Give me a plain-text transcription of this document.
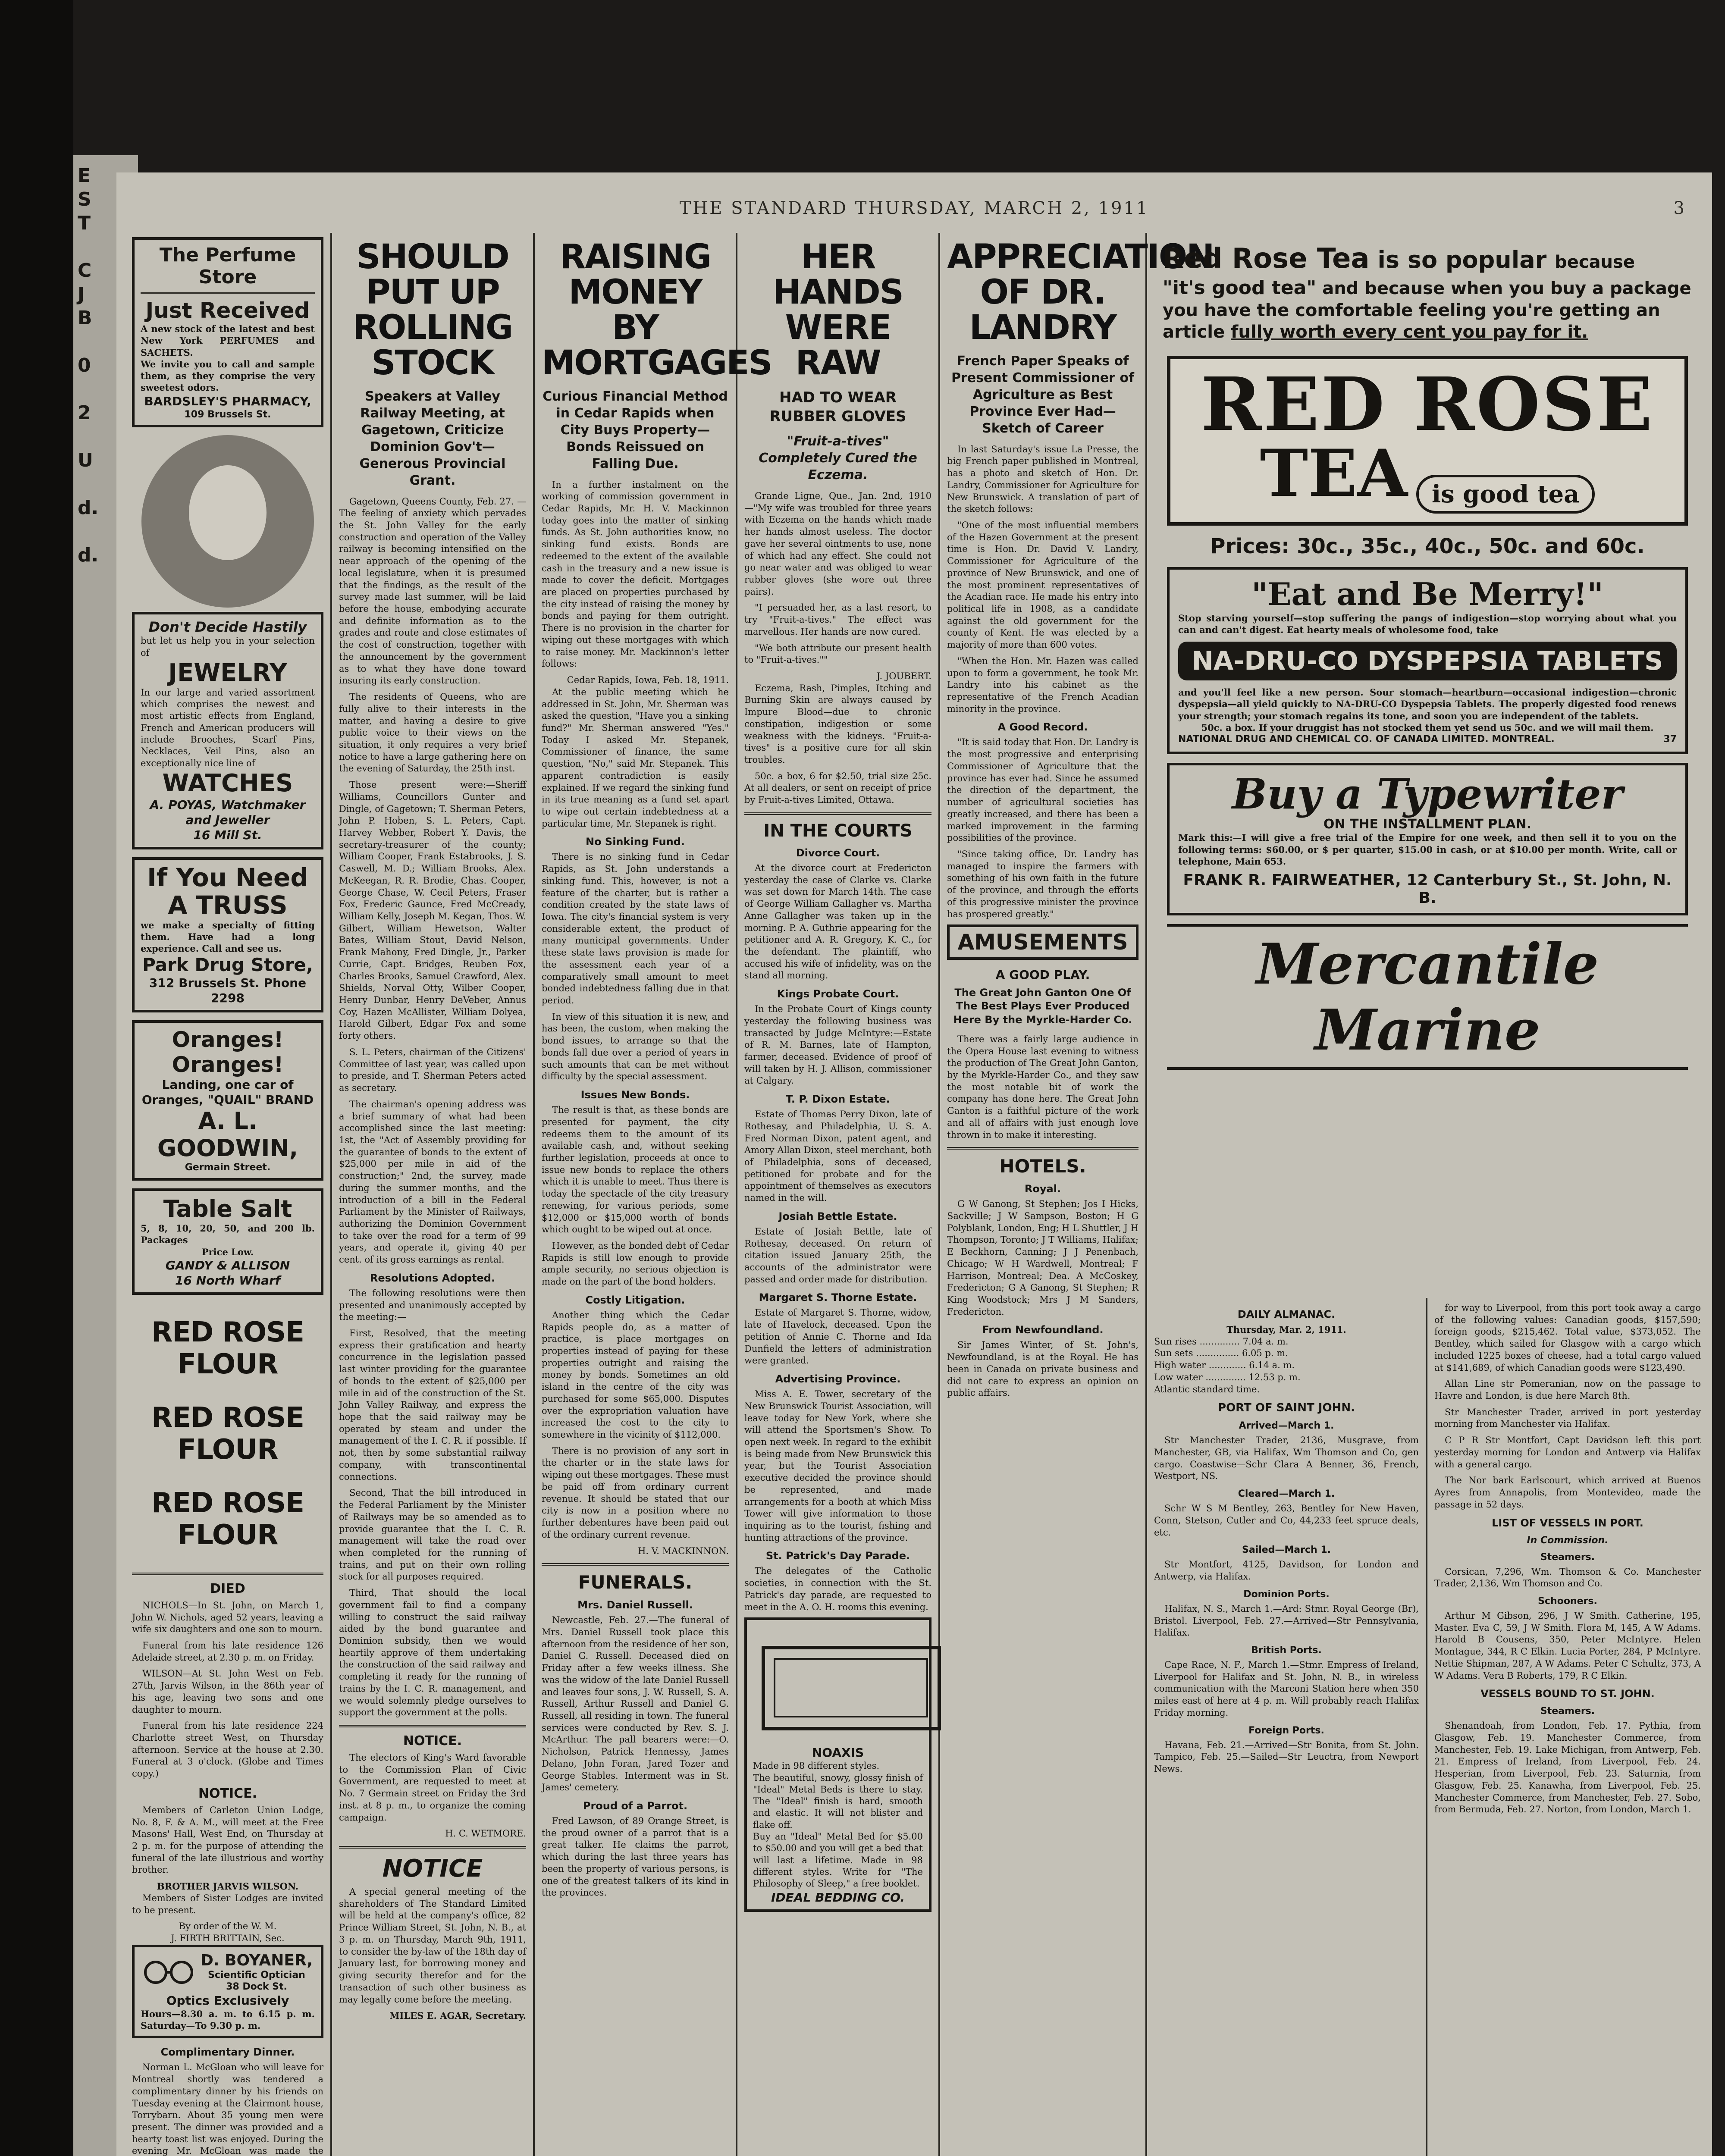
E
S
T

C
J
B

0

2

U

d.

d.
THE STANDARD THURSDAY, MARCH 2, 1911	3
The Perfume Store
Just Received
A new stock of the latest and best New York PERFUMES and SACHETS.
We invite you to call and sample them, as they comprise the very sweetest odors.
BARDSLEY'S PHARMACY,
109 Brussels St.
Don't Decide Hastily
but let us help you in your selection of
JEWELRY
In our large and varied assortment which comprises the newest and most artistic effects from England, French and American producers will include Brooches, Scarf Pins, Necklaces, Veil Pins, also an exceptionally nice line of
WATCHES
A. POYAS, Watchmaker and Jeweller
16 Mill St.
If You Need A TRUSS
we make a specialty of fitting them. Have had a long experience. Call and see us.
Park Drug Store,
312 Brussels St. Phone 2298
Oranges! Oranges!
Landing, one car of Oranges, "QUAIL" BRAND
A. L. GOODWIN,
Germain Street.
Table Salt
5, 8, 10, 20, 50, and 200 lb. Packages
Price Low.
GANDY & ALLISON
16 North Wharf
RED ROSE FLOUR
RED ROSE FLOUR
RED ROSE FLOUR
DIED

NICHOLS—In St. John, on March 1, John W. Nichols, aged 52 years, leaving a wife six daughters and one son to mourn.

Funeral from his late residence 126 Adelaide street, at 2.30 p. m. on Friday.

WILSON—At St. John West on Feb. 27th, Jarvis Wilson, in the 86th year of his age, leaving two sons and one daughter to mourn.

Funeral from his late residence 224 Charlotte street West, on Thursday afternoon. Service at the house at 2.30. Funeral at 3 o'clock. (Globe and Times copy.)

NOTICE.

Members of Carleton Union Lodge, No. 8, F. & A. M., will meet at the Free Masons' Hall, West End, on Thursday at 2 p. m. for the purpose of attending the funeral of the late illustrious and worthy brother.

BROTHER JARVIS WILSON.

Members of Sister Lodges are invited to be present.

By order of the W. M.

J. FIRTH BRITTAIN, Sec.

D. BOYANER,
Scientific Optician
38 Dock St.
Optics Exclusively
Hours—8.30 a. m. to 6.15 p. m. Saturday—To 9.30 p. m.
Complimentary Dinner.

Norman L. McGloan who will leave for Montreal shortly was tendered a complimentary dinner by his friends on Tuesday evening at the Clairmont house, Torrybarn. About 35 young men were present. The dinner was provided and a hearty toast list was enjoyed. During the evening Mr. McGloan was made the

SHOULD PUT UP ROLLING STOCK
Speakers at Valley Railway Meeting, at Gagetown, Criticize Dominion Gov't—Generous Provincial Grant.

Gagetown, Queens County, Feb. 27. —The feeling of anxiety which pervades the St. John Valley for the early construction and operation of the Valley railway is becoming intensified on the near approach of the opening of the local legislature, when it is presumed that the findings, as the result of the survey made last summer, will be laid before the house, embodying accurate and definite information as to the grades and route and close estimates of the cost of construction, together with the announcement by the government as to what they have done toward insuring its early construction.

The residents of Queens, who are fully alive to their interests in the matter, and having a desire to give public voice to their views on the situation, it only requires a very brief notice to have a large gathering here on the evening of Saturday, the 25th inst.

Those present were:—Sheriff Williams, Councillors Gunter and Dingle, of Gagetown; T. Sherman Peters, John P. Hoben, S. L. Peters, Capt. Harvey Webber, Robert Y. Davis, the secretary-treasurer of the county; William Cooper, Frank Estabrooks, J. S. Caswell, M. D.; William Brooks, Alex. McKeegan, R. R. Brodie, Chas. Cooper, George Chase, W. Cecil Peters, Fraser Fox, Frederic Gaunce, Fred McCready, William Kelly, Joseph M. Kegan, Thos. W. Gilbert, William Hewetson, Walter Bates, William Stout, David Nelson, Frank Mahony, Fred Dingle, Jr., Parker Currie, Capt. Bridges, Reuben Fox, Charles Brooks, Samuel Crawford, Alex. Shields, Norval Otty, Wilber Cooper, Henry Dunbar, Henry DeVeber, Annus Coy, Hazen McAllister, William Dolyea, Harold Gilbert, Edgar Fox and some forty others.

S. L. Peters, chairman of the Citizens' Committee of last year, was called upon to preside, and T. Sherman Peters acted as secretary.

The chairman's opening address was a brief summary of what had been accomplished since the last meeting: 1st, the "Act of Assembly providing for the guarantee of bonds to the extent of $25,000 per mile in aid of the construction;" 2nd, the survey, made during the summer months, and the introduction of a bill in the Federal Parliament by the Minister of Railways, authorizing the Dominion Government to take over the road for a term of 99 years, and operate it, giving 40 per cent. of its gross earnings as rental.

Resolutions Adopted.

The following resolutions were then presented and unanimously accepted by the meeting:—

First, Resolved, that the meeting express their gratification and hearty concurrence in the legislation passed last winter providing for the guarantee of bonds to the extent of $25,000 per mile in aid of the construction of the St. John Valley Railway, and express the hope that the said railway may be operated by steam and under the management of the I. C. R. if possible. If not, then by some substantial railway company, with transcontinental connections.

Second, That the bill introduced in the Federal Parliament by the Minister of Railways may be so amended as to provide guarantee that the I. C. R. management will take the road over when completed for the running of trains, and put on their own rolling stock for all purposes required.

Third, That should the local government fail to find a company willing to construct the said railway aided by the bond guarantee and Dominion subsidy, then we would heartily approve of them undertaking the construction of the said railway and completing it ready for the running of trains by the I. C. R. management, and we would solemnly pledge ourselves to support the government at the polls.

NOTICE.

The electors of King's Ward favorable to the Commission Plan of Civic Government, are requested to meet at No. 7 Germain street on Friday the 3rd inst. at 8 p. m., to organize the coming campaign.

H. C. WETMORE.

NOTICE

A special general meeting of the shareholders of The Standard Limited will be held at the company's office, 82 Prince William Street, St. John, N. B., at 3 p. m. on Thursday, March 9th, 1911, to consider the by-law of the 18th day of January last, for borrowing money and giving security therefor and for the transaction of such other business as may legally come before the meeting.

MILES E. AGAR, Secretary.

RAISING MONEY BY MORTGAGES
Curious Financial Method in Cedar Rapids when City Buys Property—Bonds Reissued on Falling Due.

In a further instalment on the working of commission government in Cedar Rapids, Mr. H. V. Mackinnon today goes into the matter of sinking funds. As St. John authorities know, no sinking fund exists. Bonds are redeemed to the extent of the available cash in the treasury and a new issue is made to cover the deficit. Mortgages are placed on properties purchased by the city instead of raising the money by bonds and paying for them outright. There is no provision in the charter for wiping out these mortgages with which to raise money. Mr. Mackinnon's letter follows:

Cedar Rapids, Iowa, Feb. 18, 1911.

At the public meeting which he addressed in St. John, Mr. Sherman was asked the question, "Have you a sinking fund?" Mr. Sherman answered "Yes." Today I asked Mr. Stepanek, Commissioner of finance, the same question, "No," said Mr. Stepanek. This apparent contradiction is easily explained. If we regard the sinking fund in its true meaning as a fund set apart to wipe out certain indebtedness at a particular time, Mr. Stepanek is right.

No Sinking Fund.

There is no sinking fund in Cedar Rapids, as St. John understands a sinking fund. This, however, is not a feature of the charter, but is rather a condition created by the state laws of Iowa. The city's financial system is very considerable extent, the product of many municipal governments. Under these state laws provision is made for the assessment each year of a comparatively small amount to meet bonded indebtedness falling due in that period.

In view of this situation it is new, and has been, the custom, when making the bond issues, to arrange so that the bonds fall due over a period of years in such amounts that can be met without difficulty by the special assessment.

Issues New Bonds.

The result is that, as these bonds are presented for payment, the city redeems them to the amount of its available cash, and, without seeking further legislation, proceeds at once to issue new bonds to replace the others which it is unable to meet. Thus there is today the spectacle of the city treasury renewing, for various periods, some $12,000 or $15,000 worth of bonds which ought to be wiped out at once.

However, as the bonded debt of Cedar Rapids is still low enough to provide ample security, no serious objection is made on the part of the bond holders.

Costly Litigation.

Another thing which the Cedar Rapids people do, as a matter of practice, is place mortgages on properties instead of paying for these properties outright and raising the money by bonds. Sometimes an old island in the centre of the city was purchased for some $65,000. Disputes over the expropriation valuation have increased the cost to the city to somewhere in the vicinity of $112,000.

There is no provision of any sort in the charter or in the state laws for wiping out these mortgages. These must be paid off from ordinary current revenue. It should be stated that our city is now in a position where no further debentures have been paid out of the ordinary current revenue.

H. V. MACKINNON.

FUNERALS.
Mrs. Daniel Russell.

Newcastle, Feb. 27.—The funeral of Mrs. Daniel Russell took place this afternoon from the residence of her son, Daniel G. Russell. Deceased died on Friday after a few weeks illness. She was the widow of the late Daniel Russell and leaves four sons, J. W. Russell, S. A. Russell, Arthur Russell and Daniel G. Russell, all residing in town. The funeral services were conducted by Rev. S. J. McArthur. The pall bearers were:—O. Nicholson, Patrick Hennessy, James Delano, John Foran, Jared Tozer and George Stables. Interment was in St. James' cemetery.

Proud of a Parrot.

Fred Lawson, of 89 Orange Street, is the proud owner of a parrot that is a great talker. He claims the parrot, which during the last three years has been the property of various persons, is one of the greatest talkers of its kind in the provinces.

HER HANDS WERE RAW
HAD TO WEAR RUBBER GLOVES
"Fruit-a-tives" Completely Cured the Eczema.

Grande Ligne, Que., Jan. 2nd, 1910—"My wife was troubled for three years with Eczema on the hands which made her hands almost useless. The doctor gave her several ointments to use, none of which had any effect. She could not go near water and was obliged to wear rubber gloves (she wore out three pairs).

"I persuaded her, as a last resort, to try "Fruit-a-tives." The effect was marvellous. Her hands are now cured.

"We both attribute our present health to "Fruit-a-tives.""

J. JOUBERT.

Eczema, Rash, Pimples, Itching and Burning Skin are always caused by Impure Blood—due to chronic constipation, indigestion or some weakness with the kidneys. "Fruit-a-tives" is a positive cure for all skin troubles.

50c. a box, 6 for $2.50, trial size 25c. At all dealers, or sent on receipt of price by Fruit-a-tives Limited, Ottawa.

IN THE COURTS
Divorce Court.

At the divorce court at Fredericton yesterday the case of Clarke vs. Clarke was set down for March 14th. The case of George William Gallagher vs. Martha Anne Gallagher was taken up in the morning. P. A. Guthrie appearing for the petitioner and A. R. Gregory, K. C., for the defendant. The plaintiff, who accused his wife of infidelity, was on the stand all morning.

Kings Probate Court.

In the Probate Court of Kings county yesterday the following business was transacted by Judge McIntyre:—Estate of R. M. Barnes, late of Hampton, farmer, deceased. Evidence of proof of will taken by H. J. Allison, commissioner at Calgary.

T. P. Dixon Estate.

Estate of Thomas Perry Dixon, late of Rothesay, and Philadelphia, U. S. A. Fred Norman Dixon, patent agent, and Amory Allan Dixon, steel merchant, both of Philadelphia, sons of deceased, petitioned for probate and for the appointment of themselves as executors named in the will.

Josiah Bettle Estate.

Estate of Josiah Bettle, late of Rothesay, deceased. On return of citation issued January 25th, the accounts of the administrator were passed and order made for distribution.

Margaret S. Thorne Estate.

Estate of Margaret S. Thorne, widow, late of Havelock, deceased. Upon the petition of Annie C. Thorne and Ida Dunfield the letters of administration were granted.

Advertising Province.

Miss A. E. Tower, secretary of the New Brunswick Tourist Association, will leave today for New York, where she will attend the Sportsmen's Show. To open next week. In regard to the exhibit is being made from New Brunswick this year, but the Tourist Association executive decided the province should be represented, and made arrangements for a booth at which Miss Tower will give information to those inquiring as to the tourist, fishing and hunting attractions of the province.

St. Patrick's Day Parade.

The delegates of the Catholic societies, in connection with the St. Patrick's day parade, are requested to meet in the A. O. H. rooms this evening.

NOAXIS
Made in 98 different styles.
The beautiful, snowy, glossy finish of "Ideal" Metal Beds is there to stay. The "Ideal" finish is hard, smooth and elastic. It will not blister and flake off.
Buy an "Ideal" Metal Bed for $5.00 to $50.00 and you will get a bed that will last a lifetime. Made in 98 different styles. Write for "The Philosophy of Sleep," a free booklet.
IDEAL BEDDING CO.
APPRECIATION OF DR. LANDRY
French Paper Speaks of Present Commissioner of Agriculture as Best Province Ever Had—Sketch of Career

In last Saturday's issue La Presse, the big French paper published in Montreal, has a photo and sketch of Hon. Dr. Landry, Commissioner for Agriculture for New Brunswick. A translation of part of the sketch follows:

"One of the most influential members of the Hazen Government at the present time is Hon. Dr. David V. Landry, Commissioner for Agriculture of the province of New Brunswick, and one of the most prominent representatives of the Acadian race. He made his entry into political life in 1908, as a candidate against the old government for the county of Kent. He was elected by a majority of more than 600 votes.

"When the Hon. Mr. Hazen was called upon to form a government, he took Mr. Landry into his cabinet as the representative of the French Acadian minority in the province.

A Good Record.

"It is said today that Hon. Dr. Landry is the most progressive and enterprising Commissioner of Agriculture that the province has ever had. Since he assumed the direction of the department, the number of agricultural societies has greatly increased, and there has been a marked improvement in the farming possibilities of the province.

"Since taking office, Dr. Landry has managed to inspire the farmers with something of his own faith in the future of the province, and through the efforts of this progressive minister the province has prospered greatly."

AMUSEMENTS
A GOOD PLAY.
The Great John Ganton One Of The Best Plays Ever Produced Here By the Myrkle-Harder Co.

There was a fairly large audience in the Opera House last evening to witness the production of The Great John Ganton, by the Myrkle-Harder Co., and they saw the most notable bit of work the company has done here. The Great John Ganton is a faithful picture of the work and all of affairs with just enough love thrown in to make it interesting.

HOTELS.
Royal.

G W Ganong, St Stephen; Jos I Hicks, Sackville; J W Sampson, Boston; H G Polyblank, London, Eng; H L Shuttler, J H Thompson, Toronto; J T Williams, Halifax; E Beckhorn, Canning; J J Penenbach, Chicago; W H Wardwell, Montreal; F Harrison, Montreal; Dea. A McCoskey, Fredericton; G A Ganong, St Stephen; R King Woodstock; Mrs J M Sanders, Fredericton.

From Newfoundland.

Sir James Winter, of St. John's, Newfoundland, is at the Royal. He has been in Canada on private business and did not care to express an opinion on public affairs.

Red Rose Tea is so popular because
"it's good tea" and because when you buy a package
you have the comfortable feeling you're getting an
article fully worth every cent you pay for it.
RED ROSE
TEA is good tea
Prices: 30c., 35c., 40c., 50c. and 60c.
"Eat and Be Merry!"
Stop starving yourself—stop suffering the pangs of indigestion—stop worrying about what you can and can't digest. Eat hearty meals of wholesome food, take
NA-DRU-CO DYSPEPSIA TABLETS
and you'll feel like a new person. Sour stomach—heartburn—occasional indigestion—chronic dyspepsia—all yield quickly to NA-DRU-CO Dyspepsia Tablets. The properly digested food renews your strength; your stomach regains its tone, and soon you are independent of the tablets.
50c. a box. If your druggist has not stocked them yet send us 50c. and we will mail them.
NATIONAL DRUG AND CHEMICAL CO. OF CANADA LIMITED. MONTREAL.	37
Buy a Typewriter
ON THE INSTALLMENT PLAN.
Mark this:—I will give a free trial of the Empire for one week, and then sell it to you on the following terms: $60.00, or $ per quarter, $15.00 in cash, or at $10.00 per month. Write, call or telephone, Main 653.
FRANK R. FAIRWEATHER, 12 Canterbury St., St. John, N. B.
Mercantile Marine
DAILY ALMANAC.
Thursday, Mar. 2, 1911.

Sun rises .............. 7.04 a. m.

Sun sets ............... 6.05 p. m.

High water ............. 6.14 a. m.

Low water .............. 12.53 p. m.

Atlantic standard time.

PORT OF SAINT JOHN.
Arrived—March 1.

Str Manchester Trader, 2136, Musgrave, from Manchester, GB, via Halifax, Wm Thomson and Co, gen cargo. Coastwise—Schr Clara A Benner, 36, French, Westport, NS.

Cleared—March 1.

Schr W S M Bentley, 263, Bentley for New Haven, Conn, Stetson, Cutler and Co, 44,233 feet spruce deals, etc.

Sailed—March 1.

Str Montfort, 4125, Davidson, for London and Antwerp, via Halifax.

Dominion Ports.

Halifax, N. S., March 1.—Ard: Stmr. Royal George (Br), Bristol. Liverpool, Feb. 27.—Arrived—Str Pennsylvania, Halifax.

British Ports.

Cape Race, N. F., March 1.—Stmr. Empress of Ireland, Liverpool for Halifax and St. John, N. B., in wireless communication with the Marconi Station here when 350 miles east of here at 4 p. m. Will probably reach Halifax Friday morning.

Foreign Ports.

Havana, Feb. 21.—Arrived—Str Bonita, from St. John. Tampico, Feb. 25.—Sailed—Str Leuctra, from Newport News.

for way to Liverpool, from this port took away a cargo of the following values: Canadian goods, $157,590; foreign goods, $215,462. Total value, $373,052. The Bentley, which sailed for Glasgow with a cargo which included 1225 boxes of cheese, had a total cargo valued at $141,689, of which Canadian goods were $123,490.

Allan Line str Pomeranian, now on the passage to Havre and London, is due here March 8th.

Str Manchester Trader, arrived in port yesterday morning from Manchester via Halifax.

C P R Str Montfort, Capt Davidson left this port yesterday morning for London and Antwerp via Halifax with a general cargo.

The Nor bark Earlscourt, which arrived at Buenos Ayres from Annapolis, from Montevideo, made the passage in 52 days.

LIST OF VESSELS IN PORT.
In Commission.
Steamers.

Corsican, 7,296, Wm. Thomson & Co. Manchester Trader, 2,136, Wm Thomson and Co.

Schooners.

Arthur M Gibson, 296, J W Smith. Catherine, 195, Master. Eva C, 59, J W Smith. Flora M, 145, A W Adams. Harold B Cousens, 350, Peter McIntyre. Helen Montague, 344, R C Elkin. Lucia Porter, 284, P McIntyre. Nettie Shipman, 287, A W Adams. Peter C Schultz, 373, A W Adams. Vera B Roberts, 179, R C Elkin.

VESSELS BOUND TO ST. JOHN.
Steamers.

Shenandoah, from London, Feb. 17. Pythia, from Glasgow, Feb. 19. Manchester Commerce, from Manchester, Feb. 19. Lake Michigan, from Antwerp, Feb. 21. Empress of Ireland, from Liverpool, Feb. 24. Hesperian, from Liverpool, Feb. 23. Saturnia, from Glasgow, Feb. 25. Kanawha, from Liverpool, Feb. 25. Manchester Commerce, from Manchester, Feb. 27. Sobo, from Bermuda, Feb. 27. Norton, from London, March 1.
